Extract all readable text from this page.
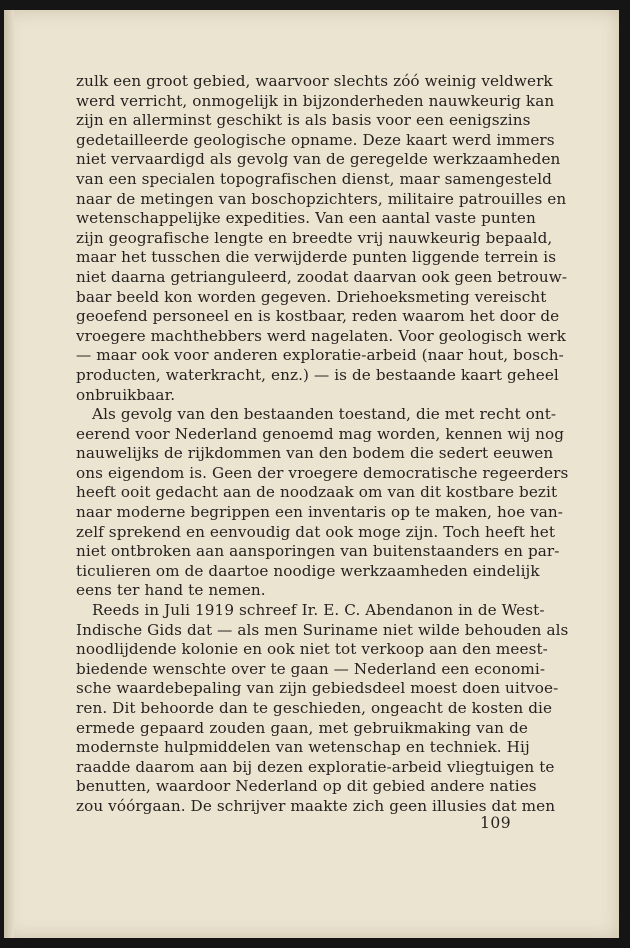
zulk een groot gebied, waarvoor slechts zóó weinig veldwerk
werd verricht, onmogelijk in bijzonderheden nauwkeurig kan
zijn en allerminst geschikt is als basis voor een eenigszins
gedetailleerde geologische opname. Deze kaart werd immers
niet vervaardigd als gevolg van de geregelde werkzaamheden
van een specialen topografischen dienst, maar samengesteld
naar de metingen van boschopzichters, militaire patrouilles en
wetenschappelijke expedities. Van een aantal vaste punten
zijn geografische lengte en breedte vrij nauwkeurig bepaald,
maar het tusschen die verwijderde punten liggende terrein is
niet daarna getrianguleerd, zoodat daarvan ook geen betrouw-
baar beeld kon worden gegeven. Driehoeksmeting vereischt
geoefend personeel en is kostbaar, reden waarom het door de
vroegere machthebbers werd nagelaten. Voor geologisch werk
— maar ook voor anderen exploratie-arbeid (naar hout, bosch-
producten, waterkracht, enz.) — is de bestaande kaart geheel
onbruikbaar.
Als gevolg van den bestaanden toestand, die met recht ont-
eerend voor Nederland genoemd mag worden, kennen wij nog
nauwelijks de rijkdommen van den bodem die sedert eeuwen
ons eigendom is. Geen der vroegere democratische regeerders
heeft ooit gedacht aan de noodzaak om van dit kostbare bezit
naar moderne begrippen een inventaris op te maken, hoe van-
zelf sprekend en eenvoudig dat ook moge zijn. Toch heeft het
niet ontbroken aan aansporingen van buitenstaanders en par-
ticulieren om de daartoe noodige werkzaamheden eindelijk
eens ter hand te nemen.
Reeds in Juli 1919 schreef Ir. E. C. Abendanon in de West-
Indische Gids dat — als men Suriname niet wilde behouden als
noodlijdende kolonie en ook niet tot verkoop aan den meest-
biedende wenschte over te gaan — Nederland een economi-
sche waardebepaling van zijn gebiedsdeel moest doen uitvoe-
ren. Dit behoorde dan te geschieden, ongeacht de kosten die
ermede gepaard zouden gaan, met gebruikmaking van de
modernste hulpmiddelen van wetenschap en techniek. Hij
raadde daarom aan bij dezen exploratie-arbeid vliegtuigen te
benutten, waardoor Nederland op dit gebied andere naties
zou vóórgaan. De schrijver maakte zich geen illusies dat men
109
